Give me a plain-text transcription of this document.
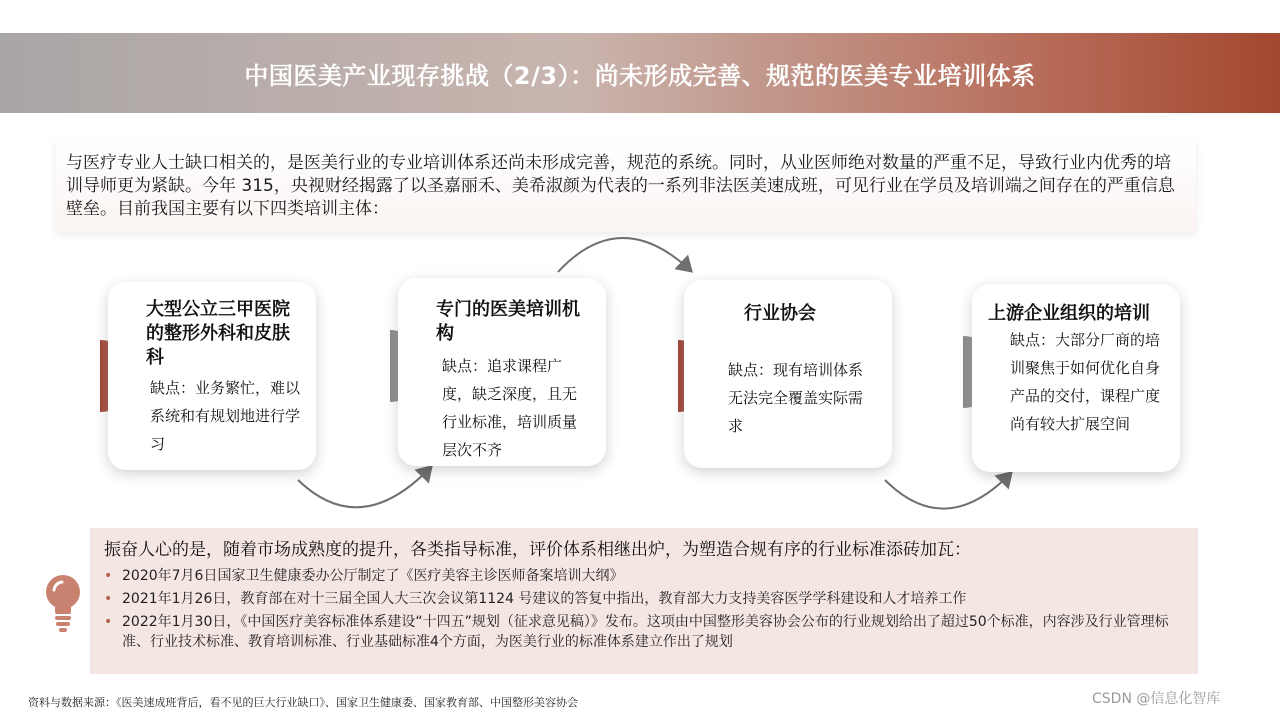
中国医美产业现存挑战（2/3）：尚未形成完善、规范的医美专业培训体系
与医疗专业人士缺口相关的，是医美行业的专业培训体系还尚未形成完善，规范的系统。同时，从业医师绝对数量的严重不足，导致行业内优秀的培训导师更为紧缺。今年 315，央视财经揭露了以圣嘉丽禾、美希淑颜为代表的一系列非法医美速成班，可见行业在学员及培训端之间存在的严重信息壁垒。目前我国主要有以下四类培训主体：
大型公立三甲医院的整形外科和皮肤科
缺点：业务繁忙，难以系统和有规划地进行学习
专门的医美培训机构
缺点：追求课程广度，缺乏深度，且无行业标准，培训质量层次不齐
行业协会
缺点：现有培训体系无法完全覆盖实际需求
上游企业组织的培训
缺点：大部分厂商的培训聚焦于如何优化自身产品的交付，课程广度尚有较大扩展空间
振奋人心的是，随着市场成熟度的提升，各类指导标准，评价体系相继出炉，为塑造合规有序的行业标准添砖加瓦：
• 2020年7月6日国家卫生健康委办公厅制定了《医疗美容主诊医师备案培训大纲》
• 2021年1月26日，教育部在对十三届全国人大三次会议第1124 号建议的答复中指出，教育部大力支持美容医学学科建设和人才培养工作
• 2022年1月30日，《中国医疗美容标准体系建设“十四五”规划（征求意见稿）》发布。这项由中国整形美容协会公布的行业规划给出了超过50个标准，内容涉及行业管理标准、行业技术标准、教育培训标准、行业基础标准4个方面，为医美行业的标准体系建立作出了规划
资料与数据来源：《医美速成班背后，看不见的巨大行业缺口》、国家卫生健康委、国家教育部、中国整形美容协会	CSDN @信息化智库
